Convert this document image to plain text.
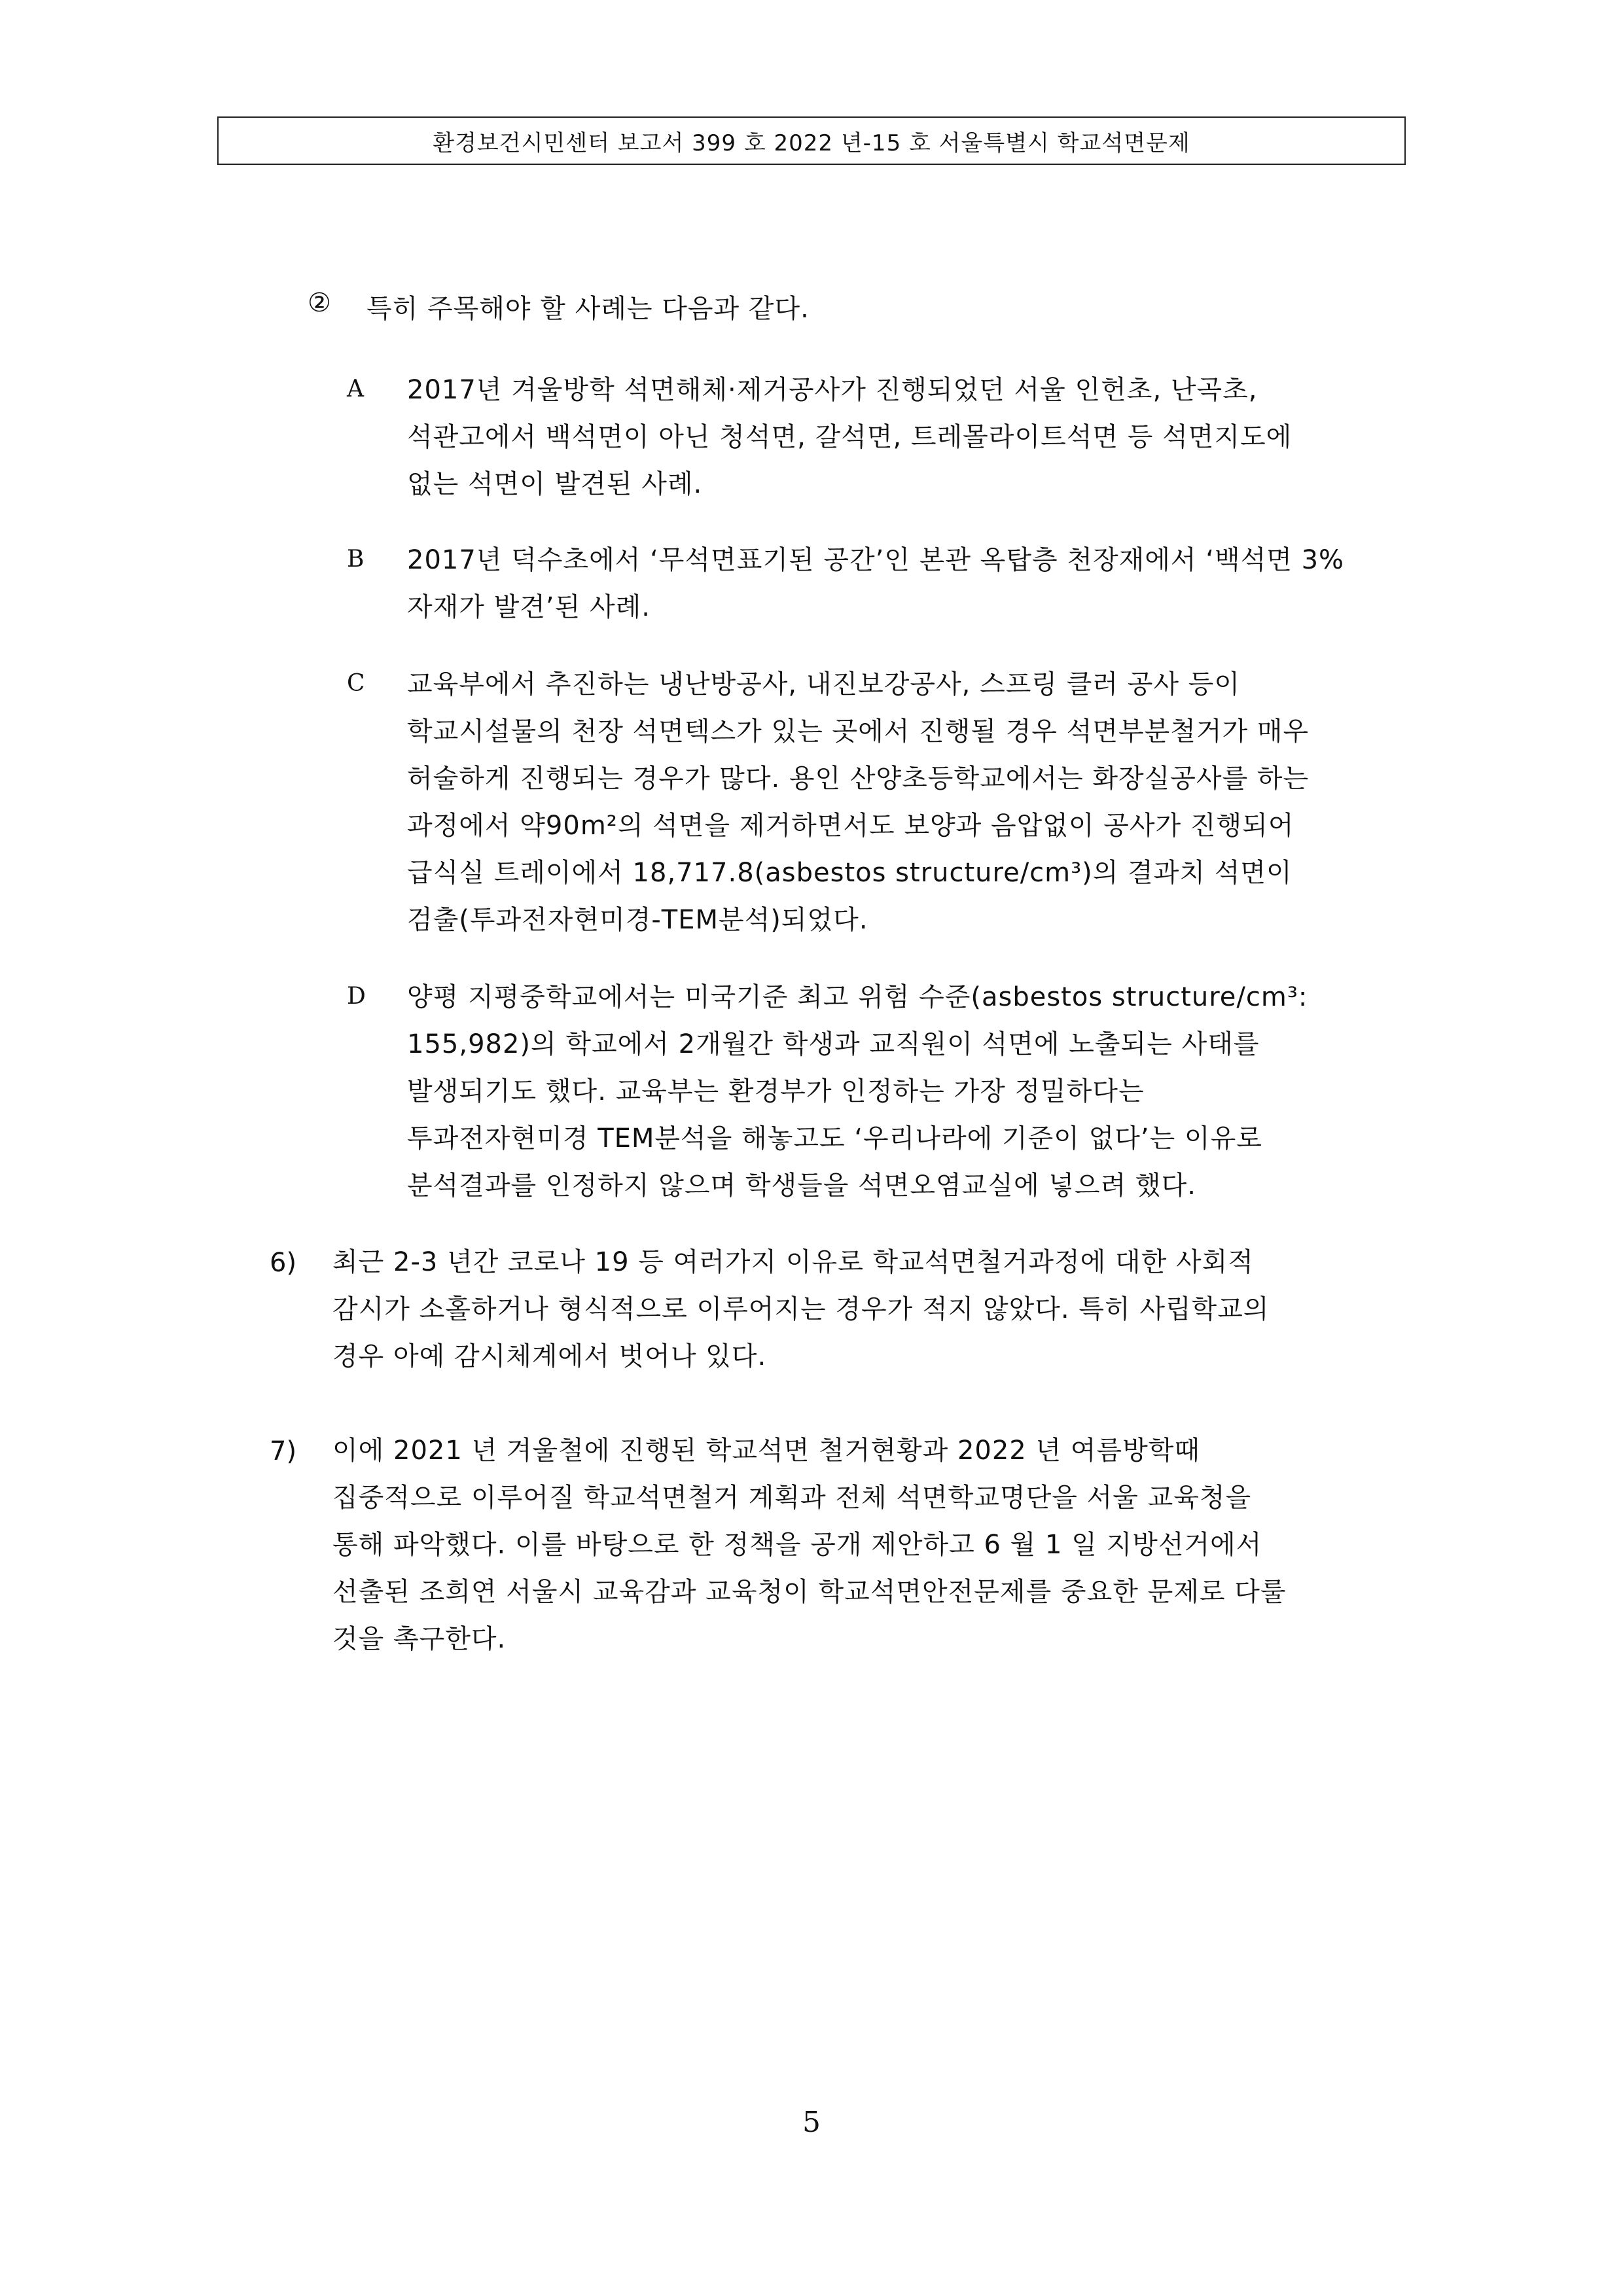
환경보건시민센터 보고서 399 호 2022 년-15 호 서울특별시 학교석면문제
② 특히 주목해야 할 사례는 다음과 같다.
A 2017년 겨울방학 석면해체·제거공사가 진행되었던 서울 인헌초, 난곡초,
석관고에서 백석면이 아닌 청석면, 갈석면, 트레몰라이트석면 등 석면지도에
없는 석면이 발견된 사례.
B 2017년 덕수초에서 ‘무석면표기된 공간’인 본관 옥탑층 천장재에서 ‘백석면 3%
자재가 발견’된 사례.
C 교육부에서 추진하는 냉난방공사, 내진보강공사, 스프링 클러 공사 등이
학교시설물의 천장 석면텍스가 있는 곳에서 진행될 경우 석면부분철거가 매우
허술하게 진행되는 경우가 많다. 용인 산양초등학교에서는 화장실공사를 하는
과정에서 약90m²의 석면을 제거하면서도 보양과 음압없이 공사가 진행되어
급식실 트레이에서 18,717.8(asbestos structure/cm³)의 결과치 석면이
검출(투과전자현미경-TEM분석)되었다.
D 양평 지평중학교에서는 미국기준 최고 위험 수준(asbestos structure/cm³:
155,982)의 학교에서 2개월간 학생과 교직원이 석면에 노출되는 사태를
발생되기도 했다. 교육부는 환경부가 인정하는 가장 정밀하다는
투과전자현미경 TEM분석을 해놓고도 ‘우리나라에 기준이 없다’는 이유로
분석결과를 인정하지 않으며 학생들을 석면오염교실에 넣으려 했다.
6) 최근 2-3 년간 코로나 19 등 여러가지 이유로 학교석면철거과정에 대한 사회적
감시가 소홀하거나 형식적으로 이루어지는 경우가 적지 않았다. 특히 사립학교의
경우 아예 감시체계에서 벗어나 있다.
7) 이에 2021 년 겨울철에 진행된 학교석면 철거현황과 2022 년 여름방학때
집중적으로 이루어질 학교석면철거 계획과 전체 석면학교명단을 서울 교육청을
통해 파악했다. 이를 바탕으로 한 정책을 공개 제안하고 6 월 1 일 지방선거에서
선출된 조희연 서울시 교육감과 교육청이 학교석면안전문제를 중요한 문제로 다룰
것을 촉구한다.
5
